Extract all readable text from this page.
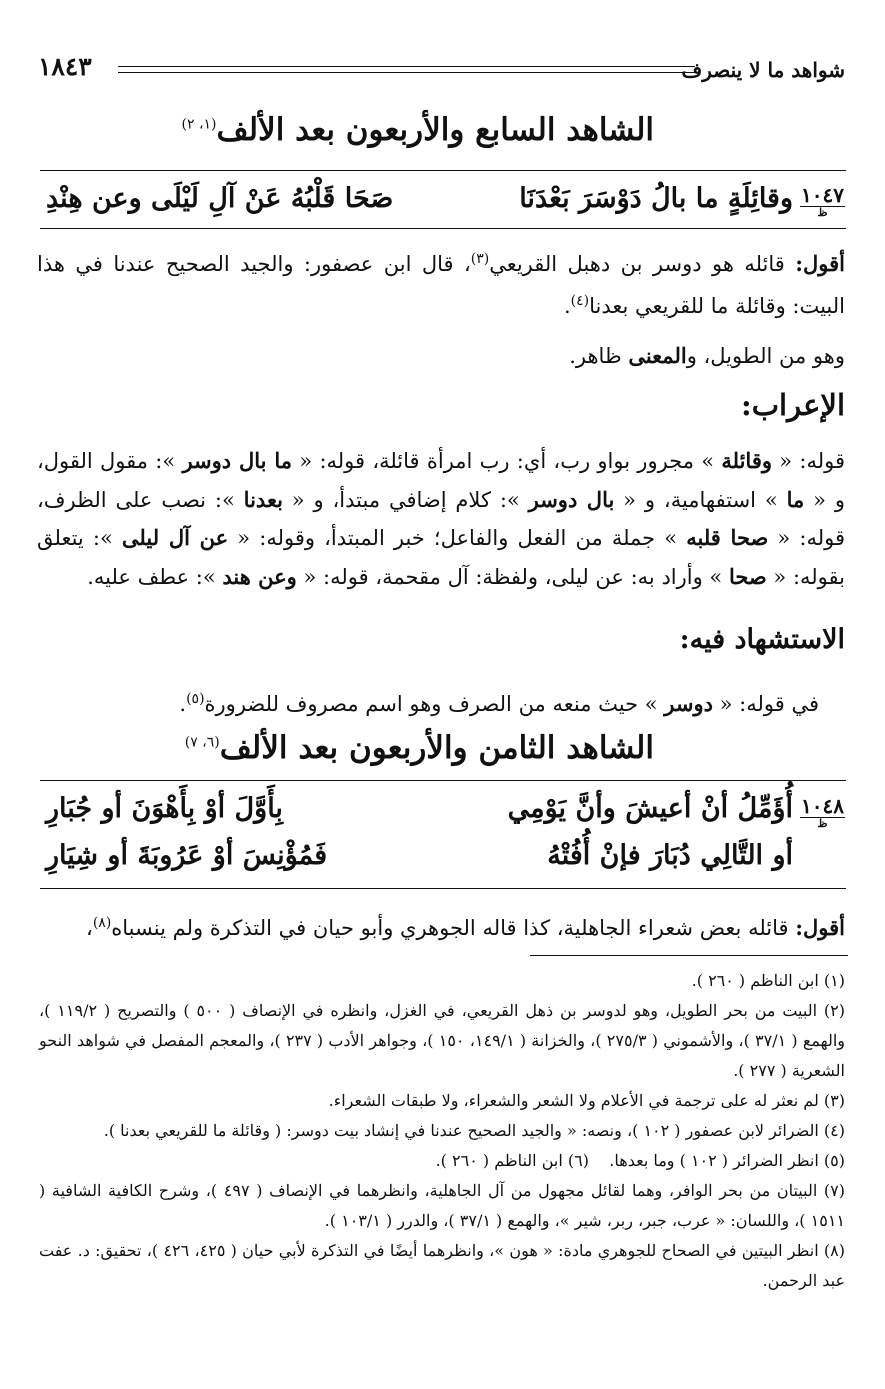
شواهد ما لا ينصرف
١٨٤٣
الشاهد السابع والأربعون بعد الألف$^{(١، ٢)}$
١٠٤٧
ظ
وقائِلَةٍ ما بالُ دَوْسَرَ بَعْدَنَا
صَحَا قَلْبُهُ عَنْ آلِ لَيْلَى وعن هِنْدِ
أقول: قائله هو دوسر بن دهبل القريعي$^{(٣)}$، قال ابن عصفور: والجيد الصحيح عندنا في هذا البيت: وقائلة ما للقريعي بعدنا$^{(٤)}$.
وهو من الطويل، والمعنى ظاهر.
الإعراب:
قوله: « وقائلة » مجرور بواو رب، أي: رب امرأة قائلة، قوله: « ما بال دوسر »: مقول القول، و « ما » استفهامية، و « بال دوسر »: كلام إضافي مبتدأ، و « بعدنا »: نصب على الظرف، قوله: « صحا قلبه » جملة من الفعل والفاعل؛ خبر المبتدأ، وقوله: « عن آل ليلى »: يتعلق بقوله: « صحا » وأراد به: عن ليلى، ولفظة: آل مقحمة، قوله: « وعن هند »: عطف عليه.
الاستشهاد فيه:
في قوله: « دوسر » حيث منعه من الصرف وهو اسم مصروف للضرورة$^{(٥)}$.
الشاهد الثامن والأربعون بعد الألف$^{(٦، ٧)}$
١٠٤٨
ظ
أُؤَمِّلُ أنْ أعيشَ وأنَّ يَوْمِي
بِأَوَّلَ أوْ بِأَهْوَنَ أو جُبَارِ
أو التَّالِي دُبَارَ فإنْ أُفُتْهُ
فَمُؤْنِسَ أوْ عَرُوبَةَ أو شِيَارِ
أقول: قائله بعض شعراء الجاهلية، كذا قاله الجوهري وأبو حيان في التذكرة ولم ينسباه$^{(٨)}$،
(١) ابن الناظم ( ٢٦٠ ).
(٢) البيت من بحر الطويل، وهو لدوسر بن ذهل القريعي، في الغزل، وانظره في الإنصاف ( ٥٠٠ ) والتصريح ( ١١٩/٢ )، والهمع ( ٣٧/١ )، والأشموني ( ٢٧٥/٣ )، والخزانة ( ١٤٩/١، ١٥٠ )، وجواهر الأدب ( ٢٣٧ )، والمعجم المفصل في شواهد النحو الشعرية ( ٢٧٧ ).
(٣) لم نعثر له على ترجمة في الأعلام ولا الشعر والشعراء، ولا طبقات الشعراء.
(٤) الضرائر لابن عصفور ( ١٠٢ )، ونصه: « والجيد الصحيح عندنا في إنشاد بيت دوسر: ( وقائلة ما للقريعي بعدنا ).
(٥) انظر الضرائر ( ١٠٢ ) وما بعدها.    (٦) ابن الناظم ( ٢٦٠ ).
(٧) البيتان من بحر الوافر، وهما لقائل مجهول من آل الجاهلية، وانظرهما في الإنصاف ( ٤٩٧ )، وشرح الكافية الشافية ( ١٥١١ )، واللسان: « عرب، جبر، ربر، شير »، والهمع ( ٣٧/١ )، والدرر ( ١٠٣/١ ).
(٨) انظر البيتين في الصحاح للجوهري مادة: « هون »، وانظرهما أيضًا في التذكرة لأبي حيان ( ٤٢٥، ٤٢٦ )، تحقيق: د. عفت عبد الرحمن.
